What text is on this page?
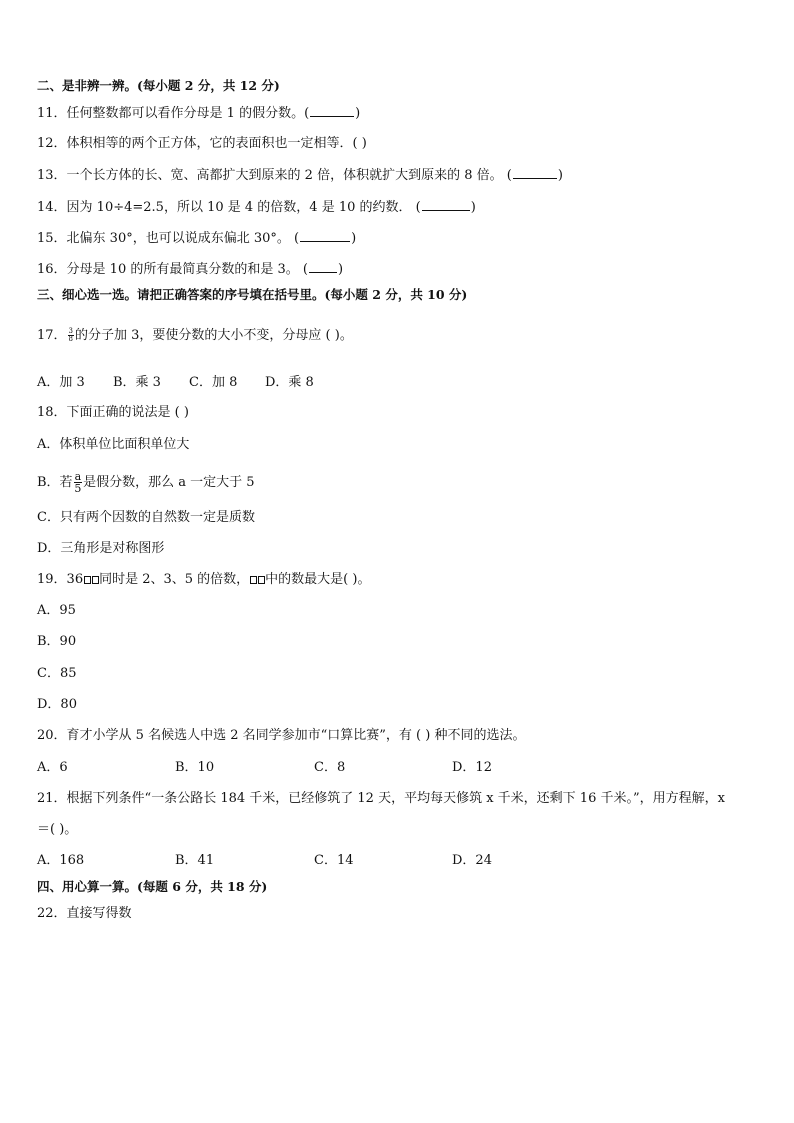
二、是非辨一辨。(每小题 2 分，共 12 分)
11．任何整数都可以看作分母是 1 的假分数。(	)
12．体积相等的两个正方体，它的表面积也一定相等．( )
13．一个长方体的长、宽、高都扩大到原来的 2 倍，体积就扩大到原来的 8 倍。 (	)
14．因为 10÷4=2.5，所以 10 是 4 的倍数，4 是 10 的约数． (	)
15．北偏东 30°，也可以说成东偏北 30°。 (	)
16．分母是 10 的所有最简真分数的和是 3。 ( )
三、细心选一选。请把正确答案的序号填在括号里。(每小题 2 分，共 10 分)
17． $\frac{3}{8}$ 的分子加 3，要使分数的大小不变，分母应 ( )。
A．加 3 B．乘 3 C．加 8 D．乘 8
18．下面正确的说法是 ( )
A．体积单位比面积单位大
B．若 $\frac{a}{5}$ 是假分数，那么 a 一定大于 5
C．只有两个因数的自然数一定是质数
D．三角形是对称图形
19．36 同时是 2、3、5 的倍数， 中的数最大是( )。
A．95
B．90
C．85
D．80
20．育才小学从 5 名候选人中选 2 名同学参加市“口算比赛”，有 ( ) 种不同的选法。
A．6	B．10	C．8	D．12
21．根据下列条件“一条公路长 184 千米，已经修筑了 12 天，平均每天修筑 x 千米，还剩下 16 千米。”，用方程解，x
＝( )。
A．168	B．41	C．14	D．24
四、用心算一算。(每题 6 分，共 18 分)
22．直接写得数
